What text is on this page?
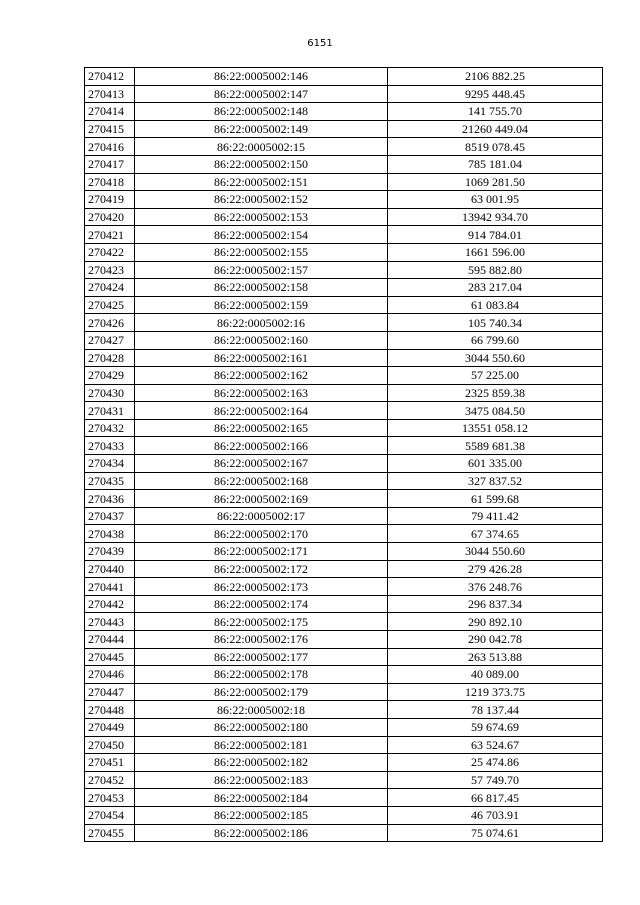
6151
270412	86:22:0005002:146	2106 882.25
270413	86:22:0005002:147	9295 448.45
270414	86:22:0005002:148	141 755.70
270415	86:22:0005002:149	21260 449.04
270416	86:22:0005002:15	8519 078.45
270417	86:22:0005002:150	785 181.04
270418	86:22:0005002:151	1069 281.50
270419	86:22:0005002:152	63 001.95
270420	86:22:0005002:153	13942 934.70
270421	86:22:0005002:154	914 784.01
270422	86:22:0005002:155	1661 596.00
270423	86:22:0005002:157	595 882.80
270424	86:22:0005002:158	283 217.04
270425	86:22:0005002:159	61 083.84
270426	86:22:0005002:16	105 740.34
270427	86:22:0005002:160	66 799.60
270428	86:22:0005002:161	3044 550.60
270429	86:22:0005002:162	57 225.00
270430	86:22:0005002:163	2325 859.38
270431	86:22:0005002:164	3475 084.50
270432	86:22:0005002:165	13551 058.12
270433	86:22:0005002:166	5589 681.38
270434	86:22:0005002:167	601 335.00
270435	86:22:0005002:168	327 837.52
270436	86:22:0005002:169	61 599.68
270437	86:22:0005002:17	79 411.42
270438	86:22:0005002:170	67 374.65
270439	86:22:0005002:171	3044 550.60
270440	86:22:0005002:172	279 426.28
270441	86:22:0005002:173	376 248.76
270442	86:22:0005002:174	296 837.34
270443	86:22:0005002:175	290 892.10
270444	86:22:0005002:176	290 042.78
270445	86:22:0005002:177	263 513.88
270446	86:22:0005002:178	40 089.00
270447	86:22:0005002:179	1219 373.75
270448	86:22:0005002:18	78 137.44
270449	86:22:0005002:180	59 674.69
270450	86:22:0005002:181	63 524.67
270451	86:22:0005002:182	25 474.86
270452	86:22:0005002:183	57 749.70
270453	86:22:0005002:184	66 817.45
270454	86:22:0005002:185	46 703.91
270455	86:22:0005002:186	75 074.61
